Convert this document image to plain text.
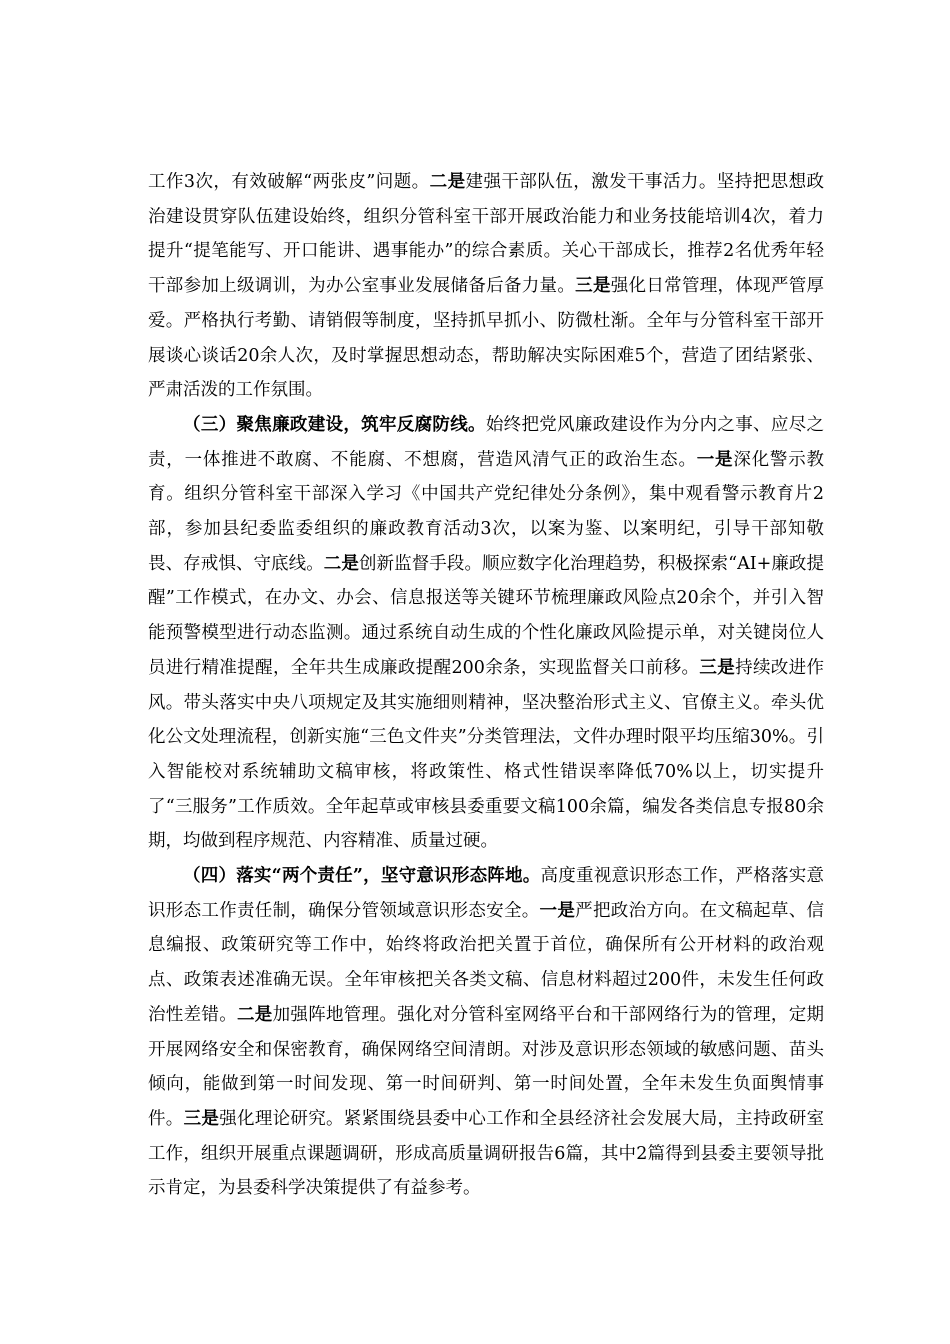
工作3次，有效破解“两张皮”问题。二是建强干部队伍，激发干事活力。坚持把思想政治建设贯穿队伍建设始终，组织分管科室干部开展政治能力和业务技能培训4次，着力提升“提笔能写、开口能讲、遇事能办”的综合素质。关心干部成长，推荐2名优秀年轻干部参加上级调训，为办公室事业发展储备后备力量。三是强化日常管理，体现严管厚爱。严格执行考勤、请销假等制度，坚持抓早抓小、防微杜渐。全年与分管科室干部开展谈心谈话20余人次，及时掌握思想动态，帮助解决实际困难5个，营造了团结紧张、严肃活泼的工作氛围。

（三）聚焦廉政建设，筑牢反腐防线。始终把党风廉政建设作为分内之事、应尽之责，一体推进不敢腐、不能腐、不想腐，营造风清气正的政治生态。一是深化警示教育。组织分管科室干部深入学习《中国共产党纪律处分条例》，集中观看警示教育片2部，参加县纪委监委组织的廉政教育活动3次，以案为鉴、以案明纪，引导干部知敬畏、存戒惧、守底线。二是创新监督手段。顺应数字化治理趋势，积极探索“AI+廉政提醒”工作模式，在办文、办会、信息报送等关键环节梳理廉政风险点20余个，并引入智能预警模型进行动态监测。通过系统自动生成的个性化廉政风险提示单，对关键岗位人员进行精准提醒，全年共生成廉政提醒200余条，实现监督关口前移。三是持续改进作风。带头落实中央八项规定及其实施细则精神，坚决整治形式主义、官僚主义。牵头优化公文处理流程，创新实施“三色文件夹”分类管理法，文件办理时限平均压缩30%。引入智能校对系统辅助文稿审核，将政策性、格式性错误率降低70%以上，切实提升了“三服务”工作质效。全年起草或审核县委重要文稿100余篇，编发各类信息专报80余期，均做到程序规范、内容精准、质量过硬。

（四）落实“两个责任”，坚守意识形态阵地。高度重视意识形态工作，严格落实意识形态工作责任制，确保分管领域意识形态安全。一是严把政治方向。在文稿起草、信息编报、政策研究等工作中，始终将政治把关置于首位，确保所有公开材料的政治观点、政策表述准确无误。全年审核把关各类文稿、信息材料超过200件，未发生任何政治性差错。二是加强阵地管理。强化对分管科室网络平台和干部网络行为的管理，定期开展网络安全和保密教育，确保网络空间清朗。对涉及意识形态领域的敏感问题、苗头倾向，能做到第一时间发现、第一时间研判、第一时间处置，全年未发生负面舆情事件。三是强化理论研究。紧紧围绕县委中心工作和全县经济社会发展大局，主持政研室工作，组织开展重点课题调研，形成高质量调研报告6篇，其中2篇得到县委主要领导批示肯定，为县委科学决策提供了有益参考。
